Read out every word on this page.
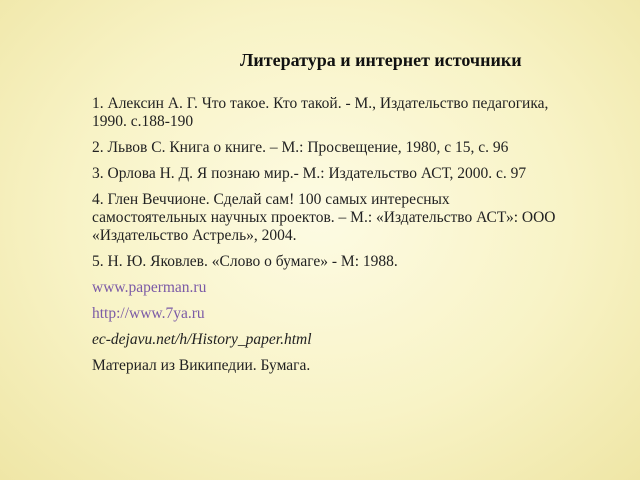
Литература и интернет источники
1. Алексин А. Г. Что такое. Кто такой. - М., Издательство педагогика, 1990. с.188-190
2. Львов С. Книга о книге. – М.: Просвещение, 1980, с 15, с. 96
3. Орлова Н. Д. Я познаю мир.- М.: Издательство АСТ, 2000. с. 97
4. Глен Веччионе. Сделай сам! 100 самых интересных самостоятельных научных проектов. – М.: «Издательство АСТ»: ООО «Издательство Астрель», 2004.
5. Н. Ю. Яковлев. «Слово о бумаге» - М: 1988.
www.paperman.ru
http://www.7ya.ru
ec-dejavu.net/h/History_paper.html
Материал из Википедии. Бумага.
